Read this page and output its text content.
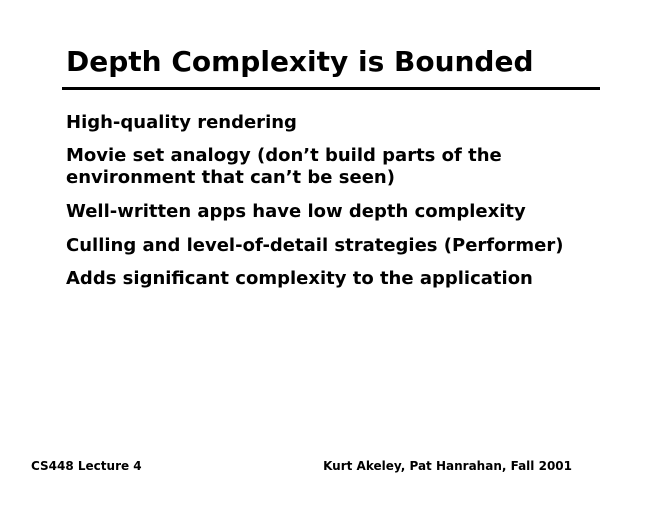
Depth Complexity is Bounded
High-quality rendering
Movie set analogy (don’t build parts of the environment that can’t be seen)
Well-written apps have low depth complexity
Culling and level-of-detail strategies (Performer)
Adds significant complexity to the application
CS448 Lecture 4	Kurt Akeley, Pat Hanrahan, Fall 2001
